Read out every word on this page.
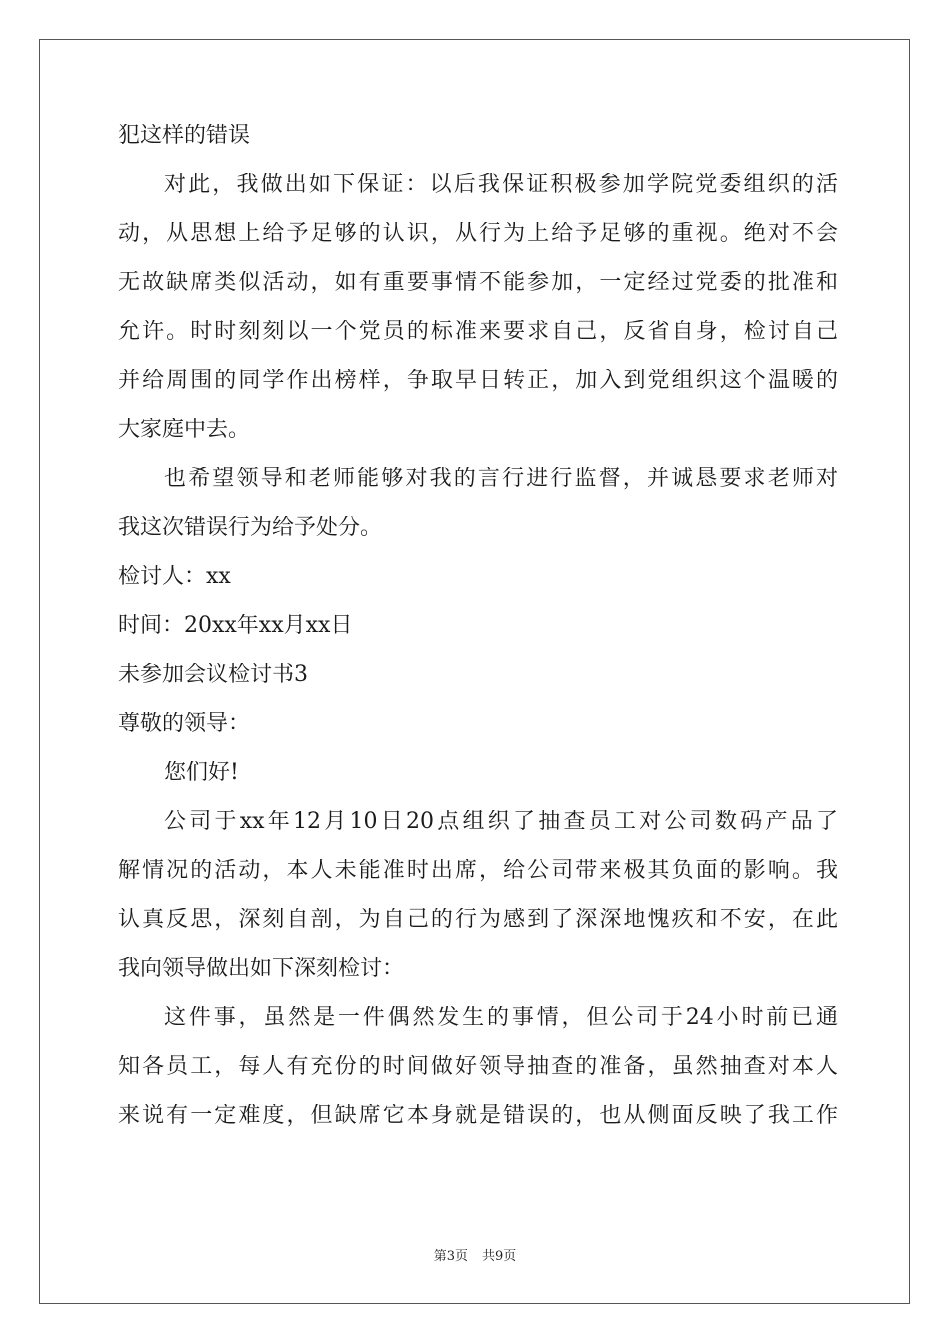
犯这样的错误
对此，我做出如下保证：以后我保证积极参加学院党委组织的活
动，从思想上给予足够的认识，从行为上给予足够的重视。绝对不会
无故缺席类似活动，如有重要事情不能参加，一定经过党委的批准和
允许。时时刻刻以一个党员的标准来要求自己，反省自身，检讨自己
并给周围的同学作出榜样，争取早日转正，加入到党组织这个温暖的
大家庭中去。
也希望领导和老师能够对我的言行进行监督，并诚恳要求老师对
我这次错误行为给予处分。
检讨人：xx
时间：20xx年xx月xx日
未参加会议检讨书3
尊敬的领导：
您们好!
公司于xx年12月10日20点组织了抽查员工对公司数码产品了
解情况的活动，本人未能准时出席，给公司带来极其负面的影响。我
认真反思，深刻自剖，为自己的行为感到了深深地愧疚和不安，在此
我向领导做出如下深刻检讨：
这件事，虽然是一件偶然发生的事情，但公司于24小时前已通
知各员工，每人有充份的时间做好领导抽查的准备，虽然抽查对本人
来说有一定难度，但缺席它本身就是错误的，也从侧面反映了我工作
第3页 共9页
